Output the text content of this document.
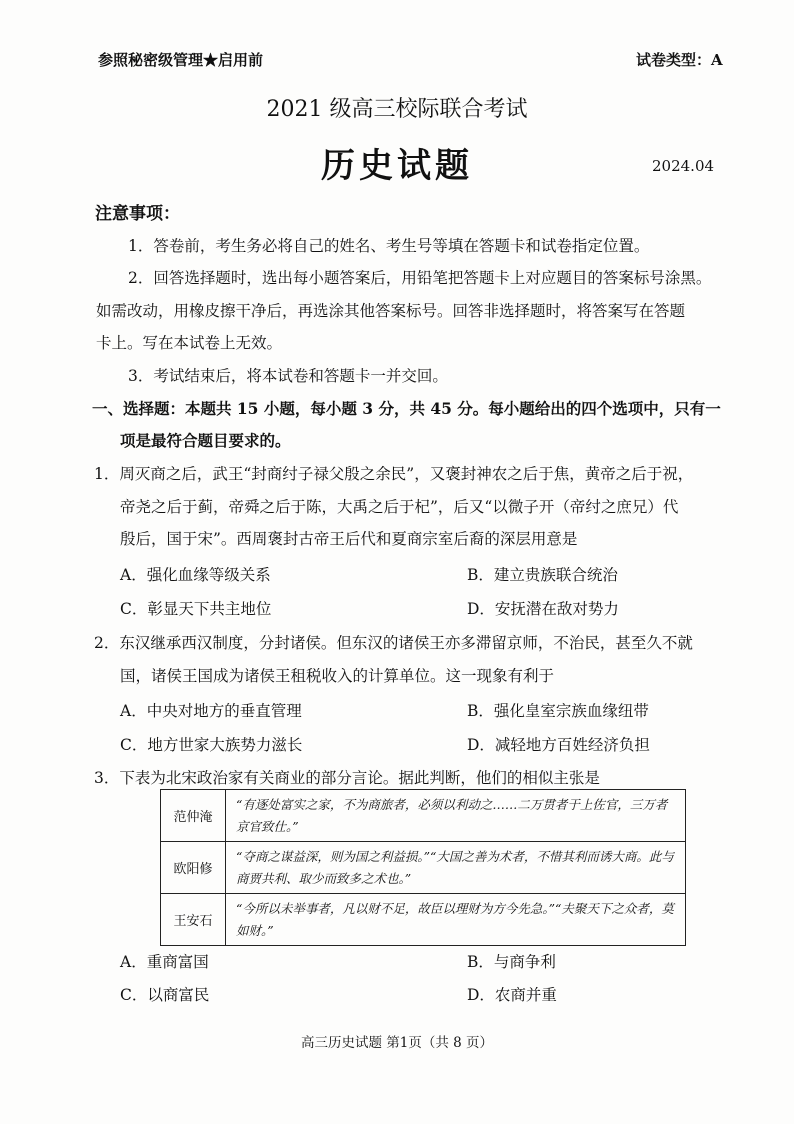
参照秘密级管理★启用前	试卷类型：A
2021 级高三校际联合考试
历史试题	2024.04
注意事项：
1．答卷前，考生务必将自己的姓名、考生号等填在答题卡和试卷指定位置。
2．回答选择题时，选出每小题答案后，用铅笔把答题卡上对应题目的答案标号涂黑。
如需改动，用橡皮擦干净后，再选涂其他答案标号。回答非选择题时，将答案写在答题
卡上。写在本试卷上无效。
3．考试结束后，将本试卷和答题卡一并交回。
一、选择题：本题共 15 小题，每小题 3 分，共 45 分。每小题给出的四个选项中，只有一
项是最符合题目要求的。
1．周灭商之后，武王“封商纣子禄父殷之余民”，又褒封神农之后于焦，黄帝之后于祝，
帝尧之后于蓟，帝舜之后于陈，大禹之后于杞”，后又“以微子开（帝纣之庶兄）代
殷后，国于宋”。西周褒封古帝王后代和夏商宗室后裔的深层用意是
A．强化血缘等级关系	B．建立贵族联合统治
C．彰显天下共主地位	D．安抚潜在敌对势力
2．东汉继承西汉制度，分封诸侯。但东汉的诸侯王亦多滞留京师，不治民，甚至久不就
国，诸侯王国成为诸侯王租税收入的计算单位。这一现象有利于
A．中央对地方的垂直管理	B．强化皇室宗族血缘纽带
C．地方世家大族势力滋长	D．减轻地方百姓经济负担
3．下表为北宋政治家有关商业的部分言论。据此判断，他们的相似主张是
范仲淹	“有逐处富实之家，不为商旅者，必须以利动之……二万贯者于上佐官，三万者京官致仕。”
欧阳修	“夺商之谋益深，则为国之利益损。”“大国之善为术者，不惜其利而诱大商。此与商贾共利、取少而致多之术也。”
王安石	“今所以未举事者，凡以财不足，故臣以理财为方今先急。”“夫聚天下之众者，莫如财。”
A．重商富国	B．与商争利
C．以商富民	D．农商并重
高三历史试题 第1页（共 8 页）
